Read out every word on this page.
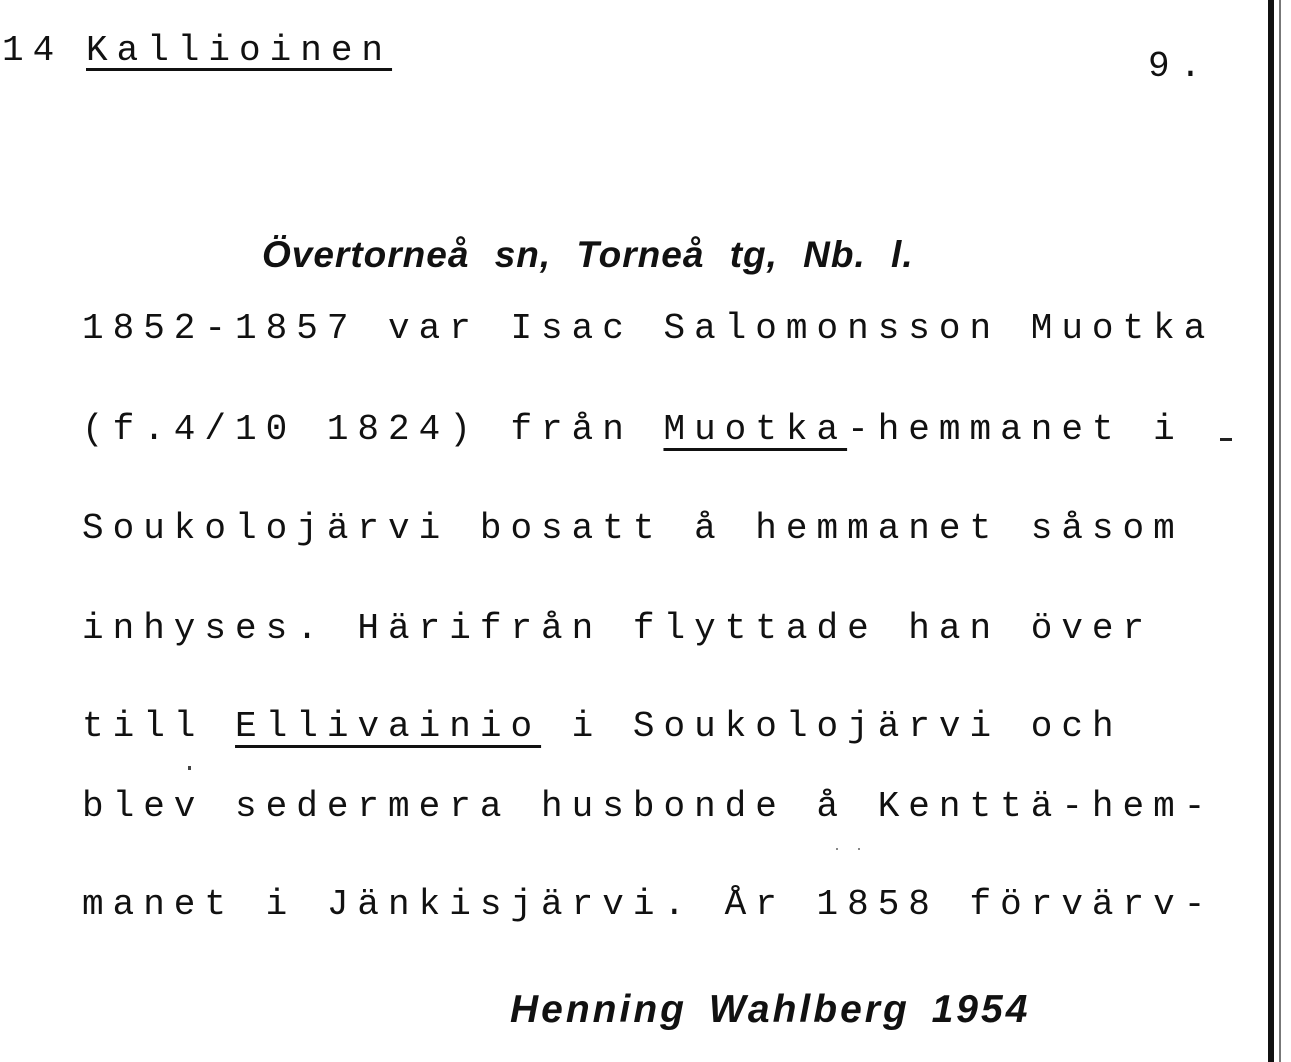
14 Kallioinen	9.
Övertorneå sn, Torneå tg, Nb. l.
1852-1857 var Isac Salomonsson Muotka
(f.4/10 1824) från Muotka-hemmanet i
Soukolojärvi bosatt å hemmanet såsom
inhyses. Härifrån flyttade han över
till Ellivainio i Soukolojärvi och
blev sedermera husbonde å Kenttä-hem-
manet i Jänkisjärvi. År 1858 förvärv-
Henning Wahlberg 1954
